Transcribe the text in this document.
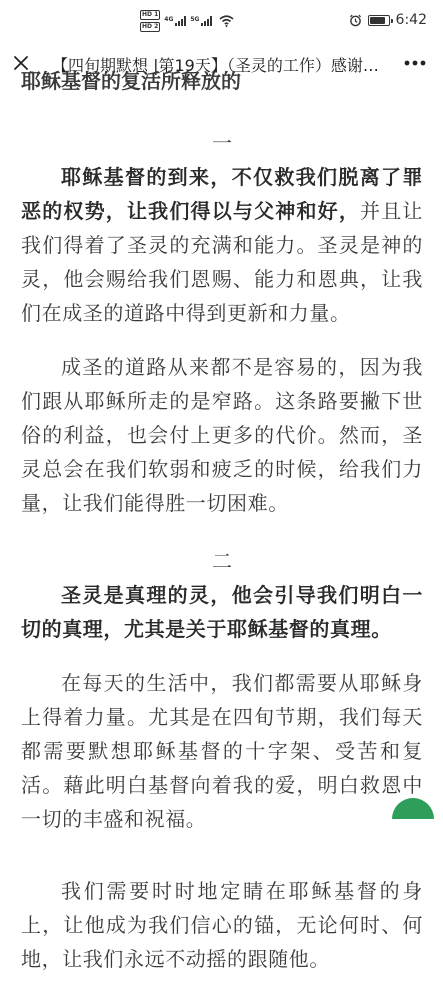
HD 1
HD 2
4G	5G	6:42
【四旬期默想 |第19天】（圣灵的工作）感谢…
耶稣基督的复活所释放的
一
耶稣基督的到来，不仅救我们脱离了罪恶的权势，让我们得以与父神和好，并且让我们得着了圣灵的充满和能力。圣灵是神的灵，他会赐给我们恩赐、能力和恩典，让我们在成圣的道路中得到更新和力量。
成圣的道路从来都不是容易的，因为我们跟从耶稣所走的是窄路。这条路要撇下世俗的利益，也会付上更多的代价。然而，圣灵总会在我们软弱和疲乏的时候，给我们力量，让我们能得胜一切困难。
二
圣灵是真理的灵，他会引导我们明白一切的真理，尤其是关于耶稣基督的真理。
在每天的生活中，我们都需要从耶稣身上得着力量。尤其是在四旬节期，我们每天都需要默想耶稣基督的十字架、受苦和复活。藉此明白基督向着我的爱，明白救恩中一切的丰盛和祝福。
我们需要时时地定睛在耶稣基督的身上，让他成为我们信心的锚，无论何时、何地，让我们永远不动摇的跟随他。
